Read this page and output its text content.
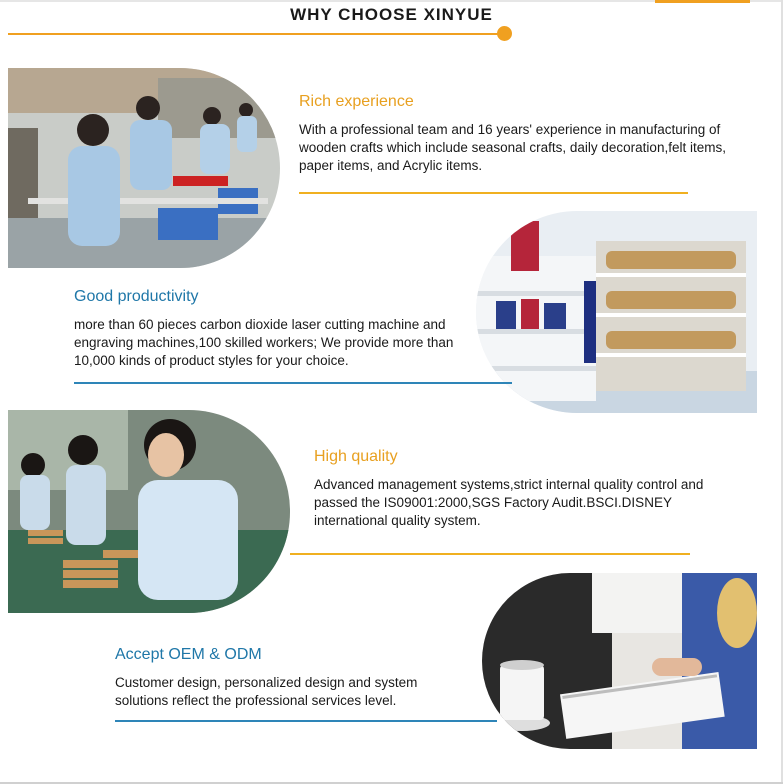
WHY CHOOSE XINYUE
Rich experience

With a professional team and 16 years' experience in manufacturing of wooden crafts which include seasonal crafts, daily decoration,felt items, paper items, and Acrylic items.

Good productivity

more than 60 pieces carbon dioxide laser cutting machine and engraving machines,100 skilled workers; We provide more than 10,000 kinds of product styles for your choice.

High quality

Advanced management systems,strict internal quality control and passed the IS09001:2000,SGS Factory Audit.BSCI.DISNEY international quality system.

Accept OEM & ODM

Customer design, personalized design and system solutions reflect the professional services level.
